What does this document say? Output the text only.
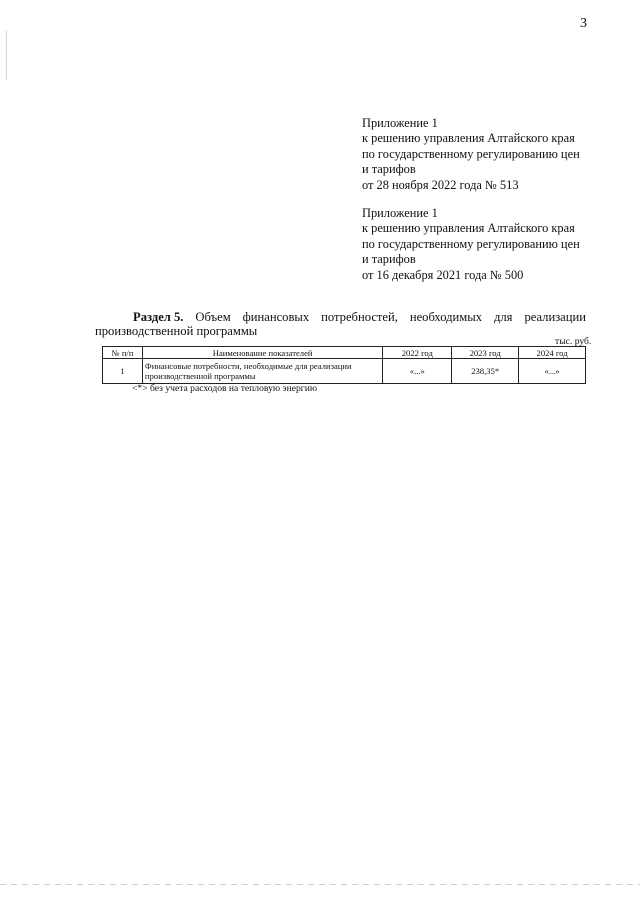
3
Приложение 1
к решению управления Алтайского края
по государственному регулированию цен
и тарифов
от 28 ноября 2022 года № 513
Приложение 1
к решению управления Алтайского края
по государственному регулированию цен
и тарифов
от 16 декабря 2021 года № 500
Раздел 5. Объем финансовых потребностей, необходимых для реализации
производственной программы
тыс. руб.
№ п/п	Наименование показателей	2022 год	2023 год	2024 год
1	Финансовые потребности, необходимые для реализации производственной программы	«...»	238,35*	«...»
<*> без учета расходов на тепловую энергию
